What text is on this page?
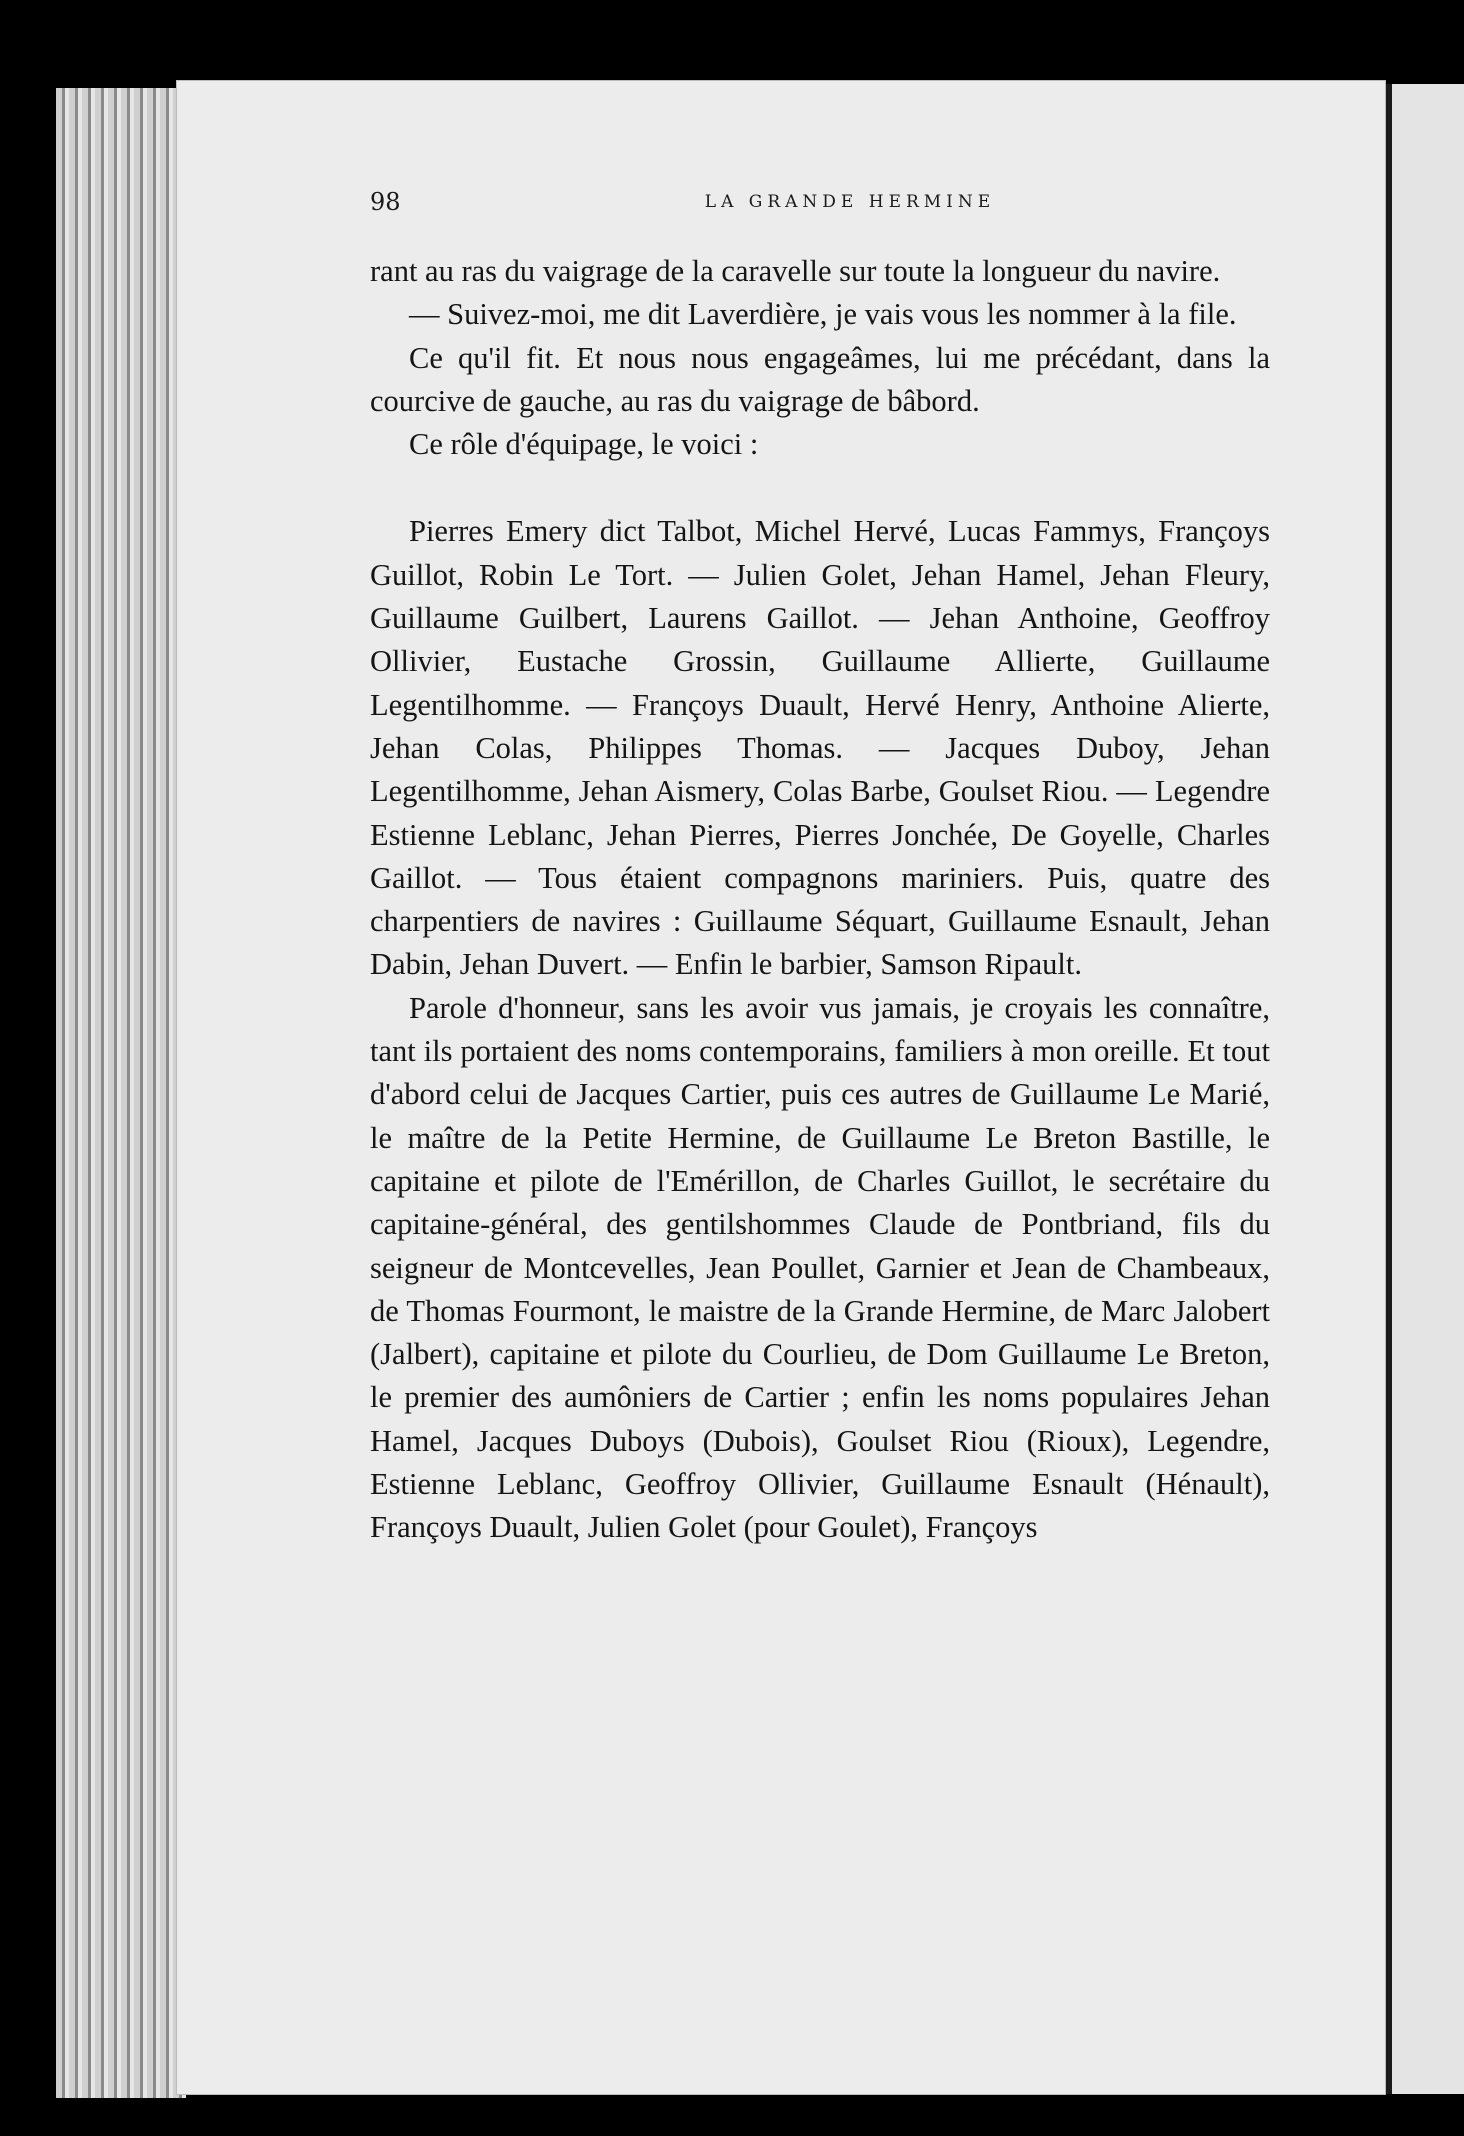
98	LA GRANDE HERMINE

rant au ras du vaigrage de la caravelle sur toute la longueur du navire.

— Suivez-moi, me dit Laverdière, je vais vous les nommer à la file.

Ce qu'il fit. Et nous nous engageâmes, lui me précédant, dans la courcive de gauche, au ras du vaigrage de bâbord.

Ce rôle d'équipage, le voici :

Pierres Emery dict Talbot, Michel Hervé, Lucas Fammys, Françoys Guillot, Robin Le Tort. — Julien Golet, Jehan Hamel, Jehan Fleury, Guillaume Guilbert, Laurens Gaillot. — Jehan Anthoine, Geoffroy Ollivier, Eustache Grossin, Guillaume Allierte, Guillaume Legentilhomme. — Françoys Duault, Hervé Henry, Anthoine Alierte, Jehan Colas, Philippes Thomas. — Jacques Duboy, Jehan Legentilhomme, Jehan Aismery, Colas Barbe, Goulset Riou. — Legendre Estienne Leblanc, Jehan Pierres, Pierres Jonchée, De Goyelle, Charles Gaillot. — Tous étaient compagnons mariniers. Puis, quatre des charpentiers de navires : Guillaume Séquart, Guillaume Esnault, Jehan Dabin, Jehan Duvert. — Enfin le barbier, Samson Ripault.

Parole d'honneur, sans les avoir vus jamais, je croyais les connaître, tant ils portaient des noms contemporains, familiers à mon oreille. Et tout d'abord celui de Jacques Cartier, puis ces autres de Guillaume Le Marié, le maître de la Petite Hermine, de Guillaume Le Breton Bastille, le capitaine et pilote de l'Emérillon, de Charles Guillot, le secrétaire du capitaine-général, des gentilshommes Claude de Pontbriand, fils du seigneur de Montcevelles, Jean Poullet, Garnier et Jean de Chambeaux, de Thomas Fourmont, le maistre de la Grande Hermine, de Marc Jalobert (Jalbert), capitaine et pilote du Courlieu, de Dom Guillaume Le Breton, le premier des aumôniers de Cartier ; enfin les noms populaires Jehan Hamel, Jacques Duboys (Dubois), Goulset Riou (Rioux), Legendre, Estienne Leblanc, Geoffroy Ollivier, Guillaume Esnault (Hénault), Françoys Duault, Julien Golet (pour Goulet), Françoys
